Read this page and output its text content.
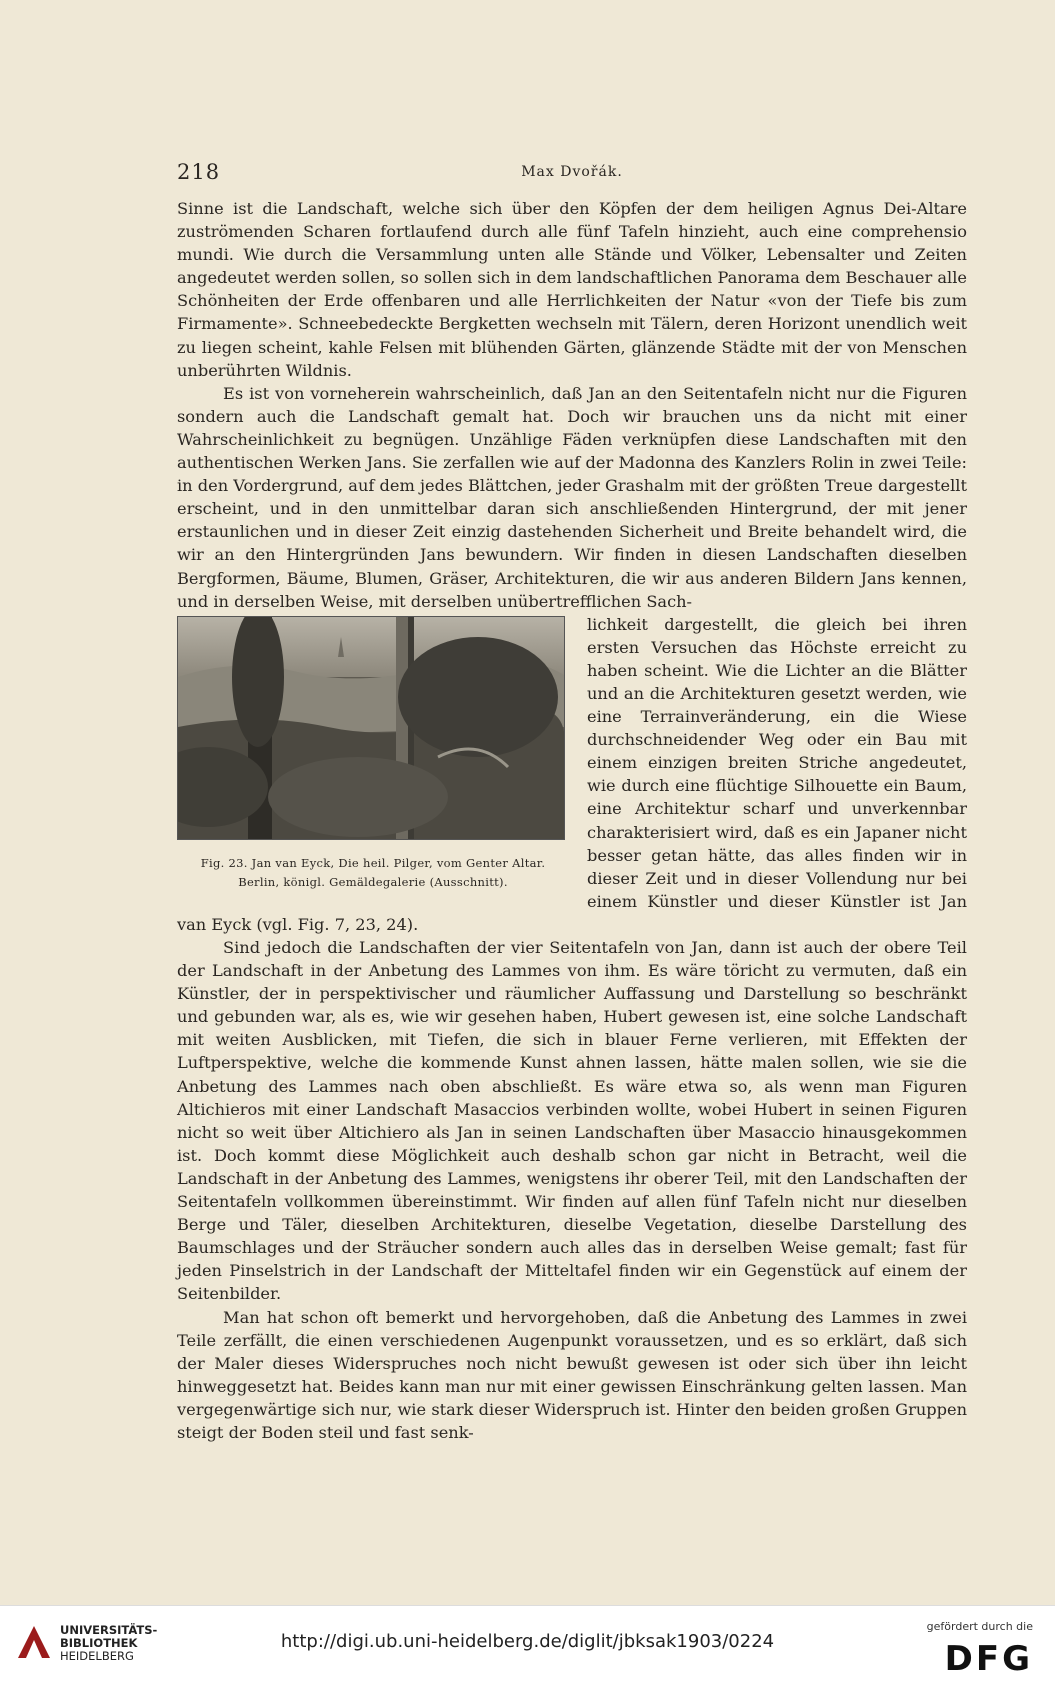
218	Max Dvořák.

Sinne ist die Landschaft, welche sich über den Köpfen der dem heiligen Agnus Dei-Altare zuströmenden Scharen fortlaufend durch alle fünf Tafeln hinzieht, auch eine comprehensio mundi. Wie durch die Versammlung unten alle Stände und Völker, Lebensalter und Zeiten angedeutet werden sollen, so sollen sich in dem landschaftlichen Panorama dem Beschauer alle Schönheiten der Erde offenbaren und alle Herrlichkeiten der Natur «von der Tiefe bis zum Firmamente». Schneebedeckte Bergketten wechseln mit Tälern, deren Horizont unendlich weit zu liegen scheint, kahle Felsen mit blühenden Gärten, glänzende Städte mit der von Menschen unberührten Wildnis.

Es ist von vorneherein wahrscheinlich, daß Jan an den Seitentafeln nicht nur die Figuren sondern auch die Landschaft gemalt hat. Doch wir brauchen uns da nicht mit einer Wahrscheinlichkeit zu begnügen. Unzählige Fäden verknüpfen diese Landschaften mit den authentischen Werken Jans. Sie zerfallen wie auf der Madonna des Kanzlers Rolin in zwei Teile: in den Vordergrund, auf dem jedes Blättchen, jeder Grashalm mit der größten Treue dargestellt erscheint, und in den unmittelbar daran sich anschließenden Hintergrund, der mit jener erstaunlichen und in dieser Zeit einzig dastehenden Sicherheit und Breite behandelt wird, die wir an den Hintergründen Jans bewundern. Wir finden in diesen Landschaften dieselben Bergformen, Bäume, Blumen, Gräser, Architekturen, die wir aus anderen Bildern Jans kennen, und in derselben Weise, mit derselben unübertrefflichen Sach-

Fig. 23. Jan van Eyck, Die heil. Pilger, vom Genter Altar.
Berlin, königl. Gemäldegalerie (Ausschnitt).

lichkeit dargestellt, die gleich bei ihren ersten Versuchen das Höchste erreicht zu haben scheint. Wie die Lichter an die Blätter und an die Architekturen gesetzt werden, wie eine Terrainveränderung, ein die Wiese durchschneidender Weg oder ein Bau mit einem einzigen breiten Striche angedeutet, wie durch eine flüchtige Silhouette ein Baum, eine Architektur scharf und unverkennbar charakterisiert wird, daß es ein Japaner nicht besser getan hätte, das alles finden wir in dieser Zeit und in dieser Vollendung nur bei einem Künstler und dieser Künstler ist Jan van Eyck (vgl. Fig. 7, 23, 24).

Sind jedoch die Landschaften der vier Seitentafeln von Jan, dann ist auch der obere Teil der Landschaft in der Anbetung des Lammes von ihm. Es wäre töricht zu vermuten, daß ein Künstler, der in perspektivischer und räumlicher Auffassung und Darstellung so beschränkt und gebunden war, als es, wie wir gesehen haben, Hubert gewesen ist, eine solche Landschaft mit weiten Ausblicken, mit Tiefen, die sich in blauer Ferne verlieren, mit Effekten der Luftperspektive, welche die kommende Kunst ahnen lassen, hätte malen sollen, wie sie die Anbetung des Lammes nach oben abschließt. Es wäre etwa so, als wenn man Figuren Altichieros mit einer Landschaft Masaccios verbinden wollte, wobei Hubert in seinen Figuren nicht so weit über Altichiero als Jan in seinen Landschaften über Masaccio hinausgekommen ist. Doch kommt diese Möglichkeit auch deshalb schon gar nicht in Betracht, weil die Landschaft in der Anbetung des Lammes, wenigstens ihr oberer Teil, mit den Landschaften der Seitentafeln vollkommen übereinstimmt. Wir finden auf allen fünf Tafeln nicht nur dieselben Berge und Täler, dieselben Architekturen, dieselbe Vegetation, dieselbe Darstellung des Baumschlages und der Sträucher sondern auch alles das in derselben Weise gemalt; fast für jeden Pinselstrich in der Landschaft der Mitteltafel finden wir ein Gegenstück auf einem der Seitenbilder.

Man hat schon oft bemerkt und hervorgehoben, daß die Anbetung des Lammes in zwei Teile zerfällt, die einen verschiedenen Augenpunkt voraussetzen, und es so erklärt, daß sich der Maler dieses Widerspruches noch nicht bewußt gewesen ist oder sich über ihn leicht hinweggesetzt hat. Beides kann man nur mit einer gewissen Einschränkung gelten lassen. Man vergegenwärtige sich nur, wie stark dieser Widerspruch ist. Hinter den beiden großen Gruppen steigt der Boden steil und fast senk-

UNIVERSITÄTS-
BIBLIOTHEK
HEIDELBERG
http://digi.ub.uni-heidelberg.de/diglit/jbksak1903/0224
gefördert durch die
DFG
